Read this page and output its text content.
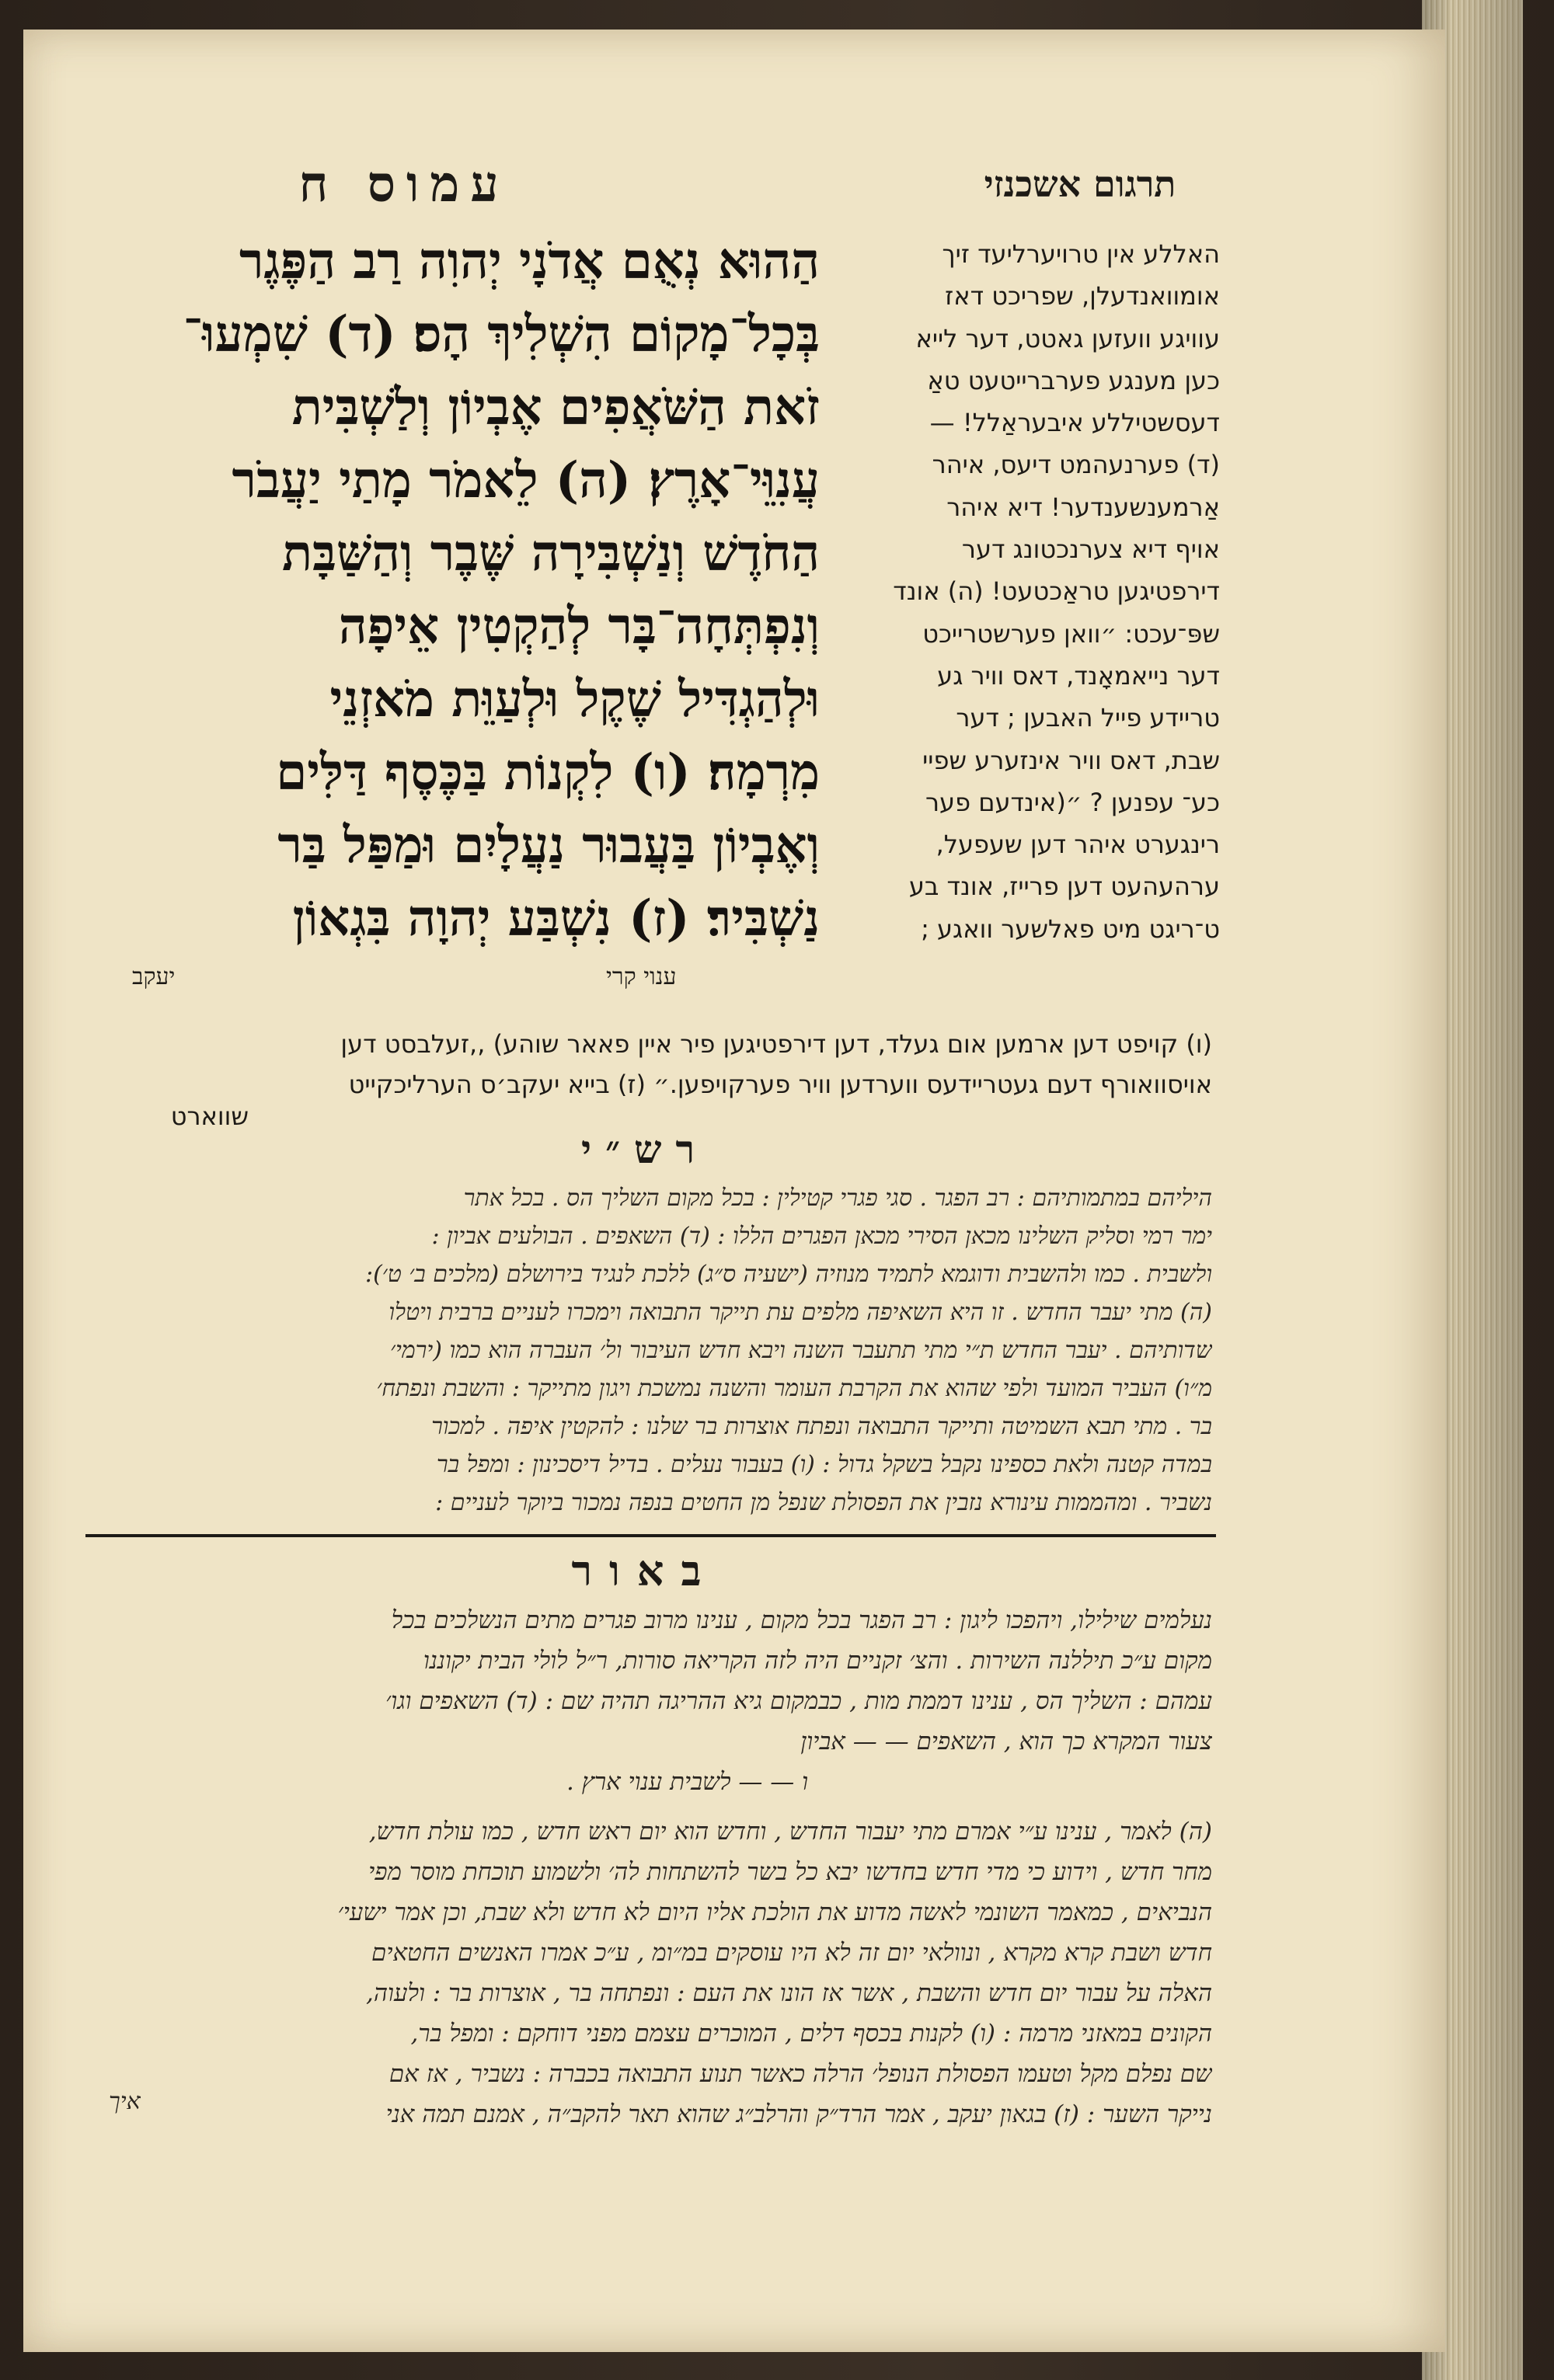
תרגום אשכנזי
עמוס ח
הַהוּא נְאֻם אֲדֹנָי יְהוִה רַב הַפֶּגֶר
בְּכָל־מָקוֹם הִשְׁלִיךְ הָס׃ (ד) שִׁמְעוּ־
זֹאת הַשֹּׁאֲפִים אֶבְיוֹן וְלַשְׁבִּית
עֲנִוֵּי־אָרֶץ׃ (ה) לֵאמֹר מָתַי יַעֲבֹר
הַחֹדֶשׁ וְנַשְׁבִּירָה שֶּׁבֶר וְהַשַּׁבָּת
וְנִפְתְּחָה־בָּר לְהַקְטִין אֵיפָה
וּלְהַגְדִּיל שֶׁקֶל וּלְעַוֵּת מֹאזְנֵי
מִרְמָה׃ (ו) לִקְנוֹת בַּכֶּסֶף דַּלִּים
וְאֶבְיוֹן בַּעֲבוּר נַעֲלָיִם וּמַפַּל בַּר
נַשְׁבִּיר׃ (ז) נִשְׁבַּע יְהוָה בִּגְאוֹן
ענוי קרי
יעקב
האללע אין טרויערליעד זיך
אומוואנדעלן, שפריכט דאז
עוויגע וועזען גאטט, דער לייא
כען מענגע פערברייטעט טאַ
דעסשטיללע איבעראַלל! —
(ד) פערנעהמט דיעס, איהר
אַרמענשענדער! דיא איהר
אויף דיא צערנכטונג דער
דירפטיגען טראַכטעט! (ה) אונד
שפּ־עכט: ״וואן פערשטרייכט
דער נייאמאָנד, דאס וויר גע
טריידע פייל האבען ; דער
שבת, דאס וויר אינזערע שפיי
כע־ עפנען ? ״(אינדעם פער
רינגערט איהר דען שעפעל,
ערהעהעט דען פרייז, אונד בע
ט־ריגט מיט פאלשער וואגע ;
(ו) קויפט דען ארמען אום געלד, דען דירפטיגען פיר איין פאאר שוהע) ,,זעלבסט דען
אויסוואורף דעם געטריידעס ווערדען וויר פערקויפען.״ (ז) בייא יעקב׳ס הערליכקייט
שווארט
רש״י
היליהם במתמותיהם : רב הפגר . סגי פגרי קטילין : בכל מקום השליך הס . בכל אתר
ימר רמי וסליק השלינו מכאן הסירי מכאן הפגרים הללו : (ד) השאפים . הבולעים אביון :
ולשבית . כמו ולהשבית ודוגמא לתמיד מנוזיה (ישעיה ס״ג) ללכת לנגיד בירושלם (מלכים ב׳ ט׳):
(ה) מתי יעבר החדש . זו היא השאיפה מלפים עת תייקר התבואה וימכרו לעניים ברבית ויטלו
שדותיהם . יעבר החדש ת״י מתי תתעבר השנה ויבא חדש העיבור ול׳ העברה הוא כמו (ירמי׳
מ״ו) העביר המועד ולפי שהוא את הקרבת העומר והשנה נמשכת ויגון מתייקר : והשבת ונפתח׳
בר . מתי תבא השמיטה ותייקר התבואה ונפתח אוצרות בר שלנו : להקטין איפה . למכור
במדה קטנה ולאת כספינו נקבל בשקל גדול : (ו) בעבור נעלים . בדיל דיסכינון : ומפל בר
נשביר . ומהממות עינורא נזבין את הפסולת שנפל מן החטים בנפה נמכור ביוקר לעניים :
באור
נעלמים שילילו, ויהפכו ליגון : רב הפגר בכל מקום , ענינו מרוב פגרים מתים הנשלכים בכל
מקום ע״כ תיללנה השירות . והצ׳ זקניים היה לזה הקריאה סורות, ר״ל לולי הבית יקוננו
עמהם : השליך הס , ענינו דממת מות , כבמקום גיא ההריגה תהיה שם : (ד) השאפים וגו׳
צעור המקרא כך הוא , השאפים — — אביון
ו — — לשבית ענוי ארץ .
(ה) לאמר , ענינו ע״י אמרם מתי יעבור החדש , וחדש הוא יום ראש חדש , כמו עולת חדש,
מחר חדש , וידוע כי מדי חדש בחדשו יבא כל בשר להשתחות לה׳ ולשמוע תוכחת מוסר מפי
הנביאים , כמאמר השונמי לאשה מדוע את הולכת אליו היום לא חדש ולא שבת, וכן אמר ישעי׳
חדש ושבת קרא מקרא , ונוולאי יום זה לא היו עוסקים במ״ומ , ע״כ אמרו האנשים החטאים
האלה על עבור יום חדש והשבת , אשר אז הונו את העם : ונפתחה בר , אוצרות בר : ולעוה,
הקונים במאזני מרמה : (ו) לקנות בכסף דלים , המוכרים עצמם מפני דוחקם : ומפל בר,
שם נפלם מקל וטעמו הפסולת הנופל׳ הרלה כאשר תנוע התבואה בכברה : נשביר , אז אם
נייקר השער : (ז) בגאון יעקב , אמר הרד״ק והרלב״ג שהוא תאר להקב״ה , אמנם תמה אני
איך
